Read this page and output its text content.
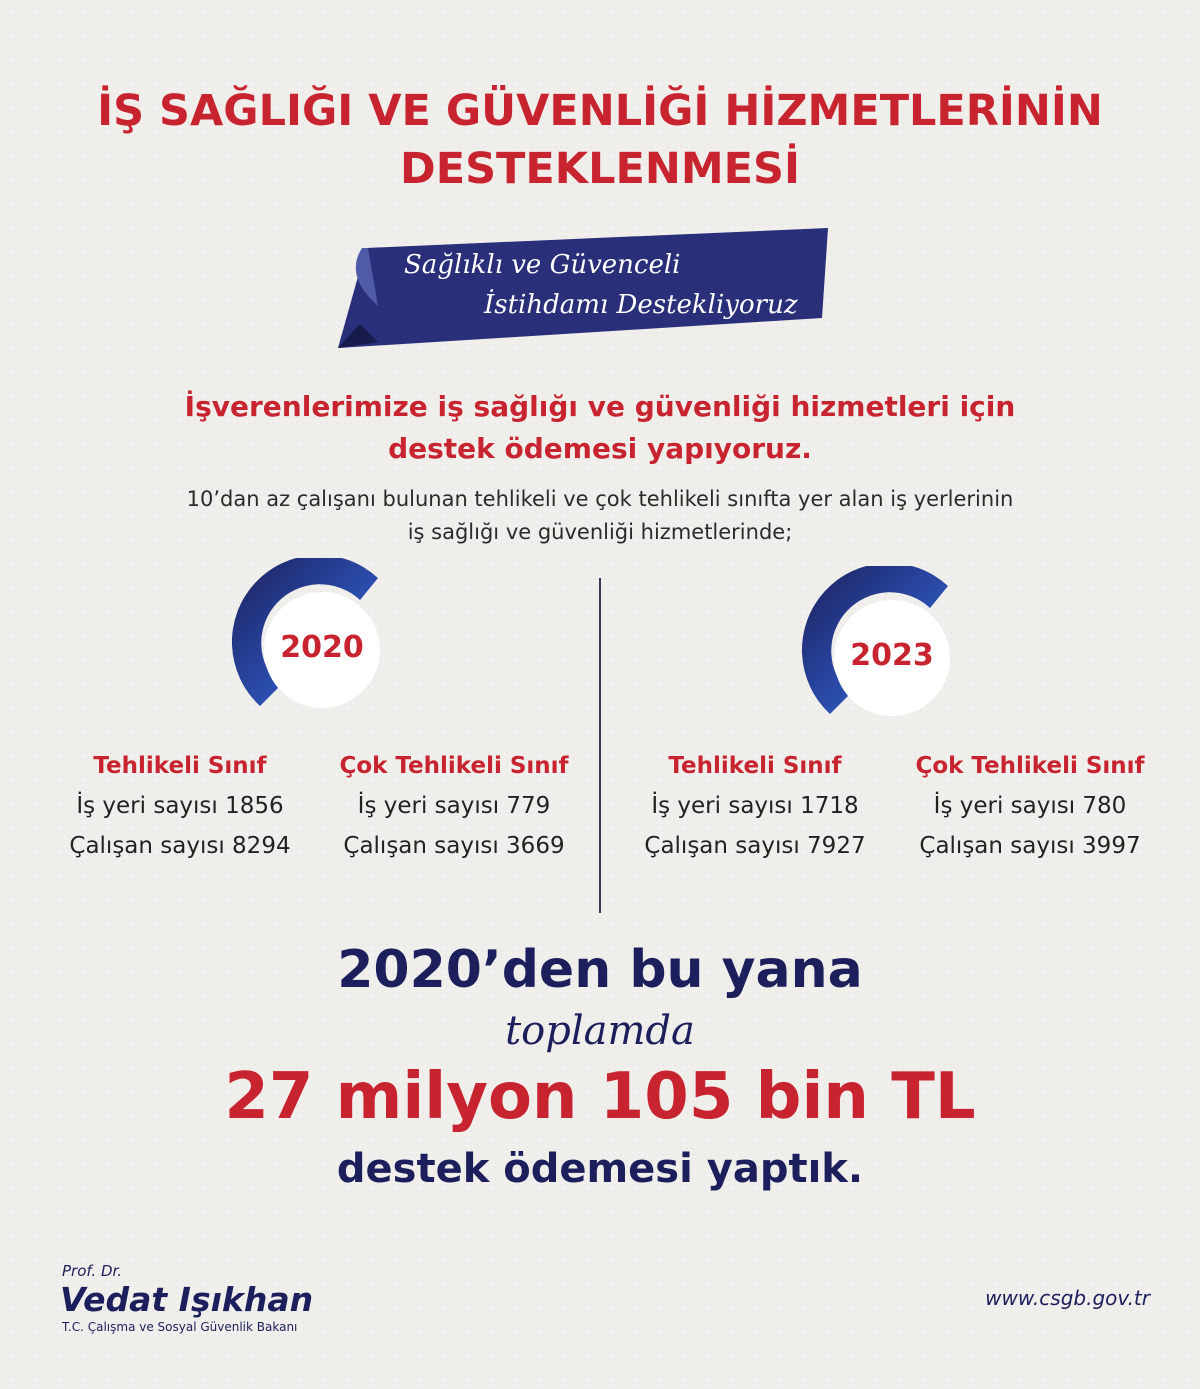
İŞ SAĞLIĞI VE GÜVENLİĞİ HİZMETLERİNİN
DESTEKLENMESİ
Sağlıklı ve Güvenceli
İstihdamı Destekliyoruz
İşverenlerimize iş sağlığı ve güvenliği hizmetleri için
destek ödemesi yapıyoruz.
10’dan az çalışanı bulunan tehlikeli ve çok tehlikeli sınıfta yer alan iş yerlerinin
iş sağlığı ve güvenliği hizmetlerinde;
2020	2023
Tehlikeli Sınıf
İş yeri sayısı 1856
Çalışan sayısı 8294
Çok Tehlikeli Sınıf
İş yeri sayısı 779
Çalışan sayısı 3669
Tehlikeli Sınıf
İş yeri sayısı 1718
Çalışan sayısı 7927
Çok Tehlikeli Sınıf
İş yeri sayısı 780
Çalışan sayısı 3997
2020’den bu yana
toplamda
27 milyon 105 bin TL
destek ödemesi yaptık.
Prof. Dr.
Vedat Işıkhan
T.C. Çalışma ve Sosyal Güvenlik Bakanı
www.csgb.gov.tr
